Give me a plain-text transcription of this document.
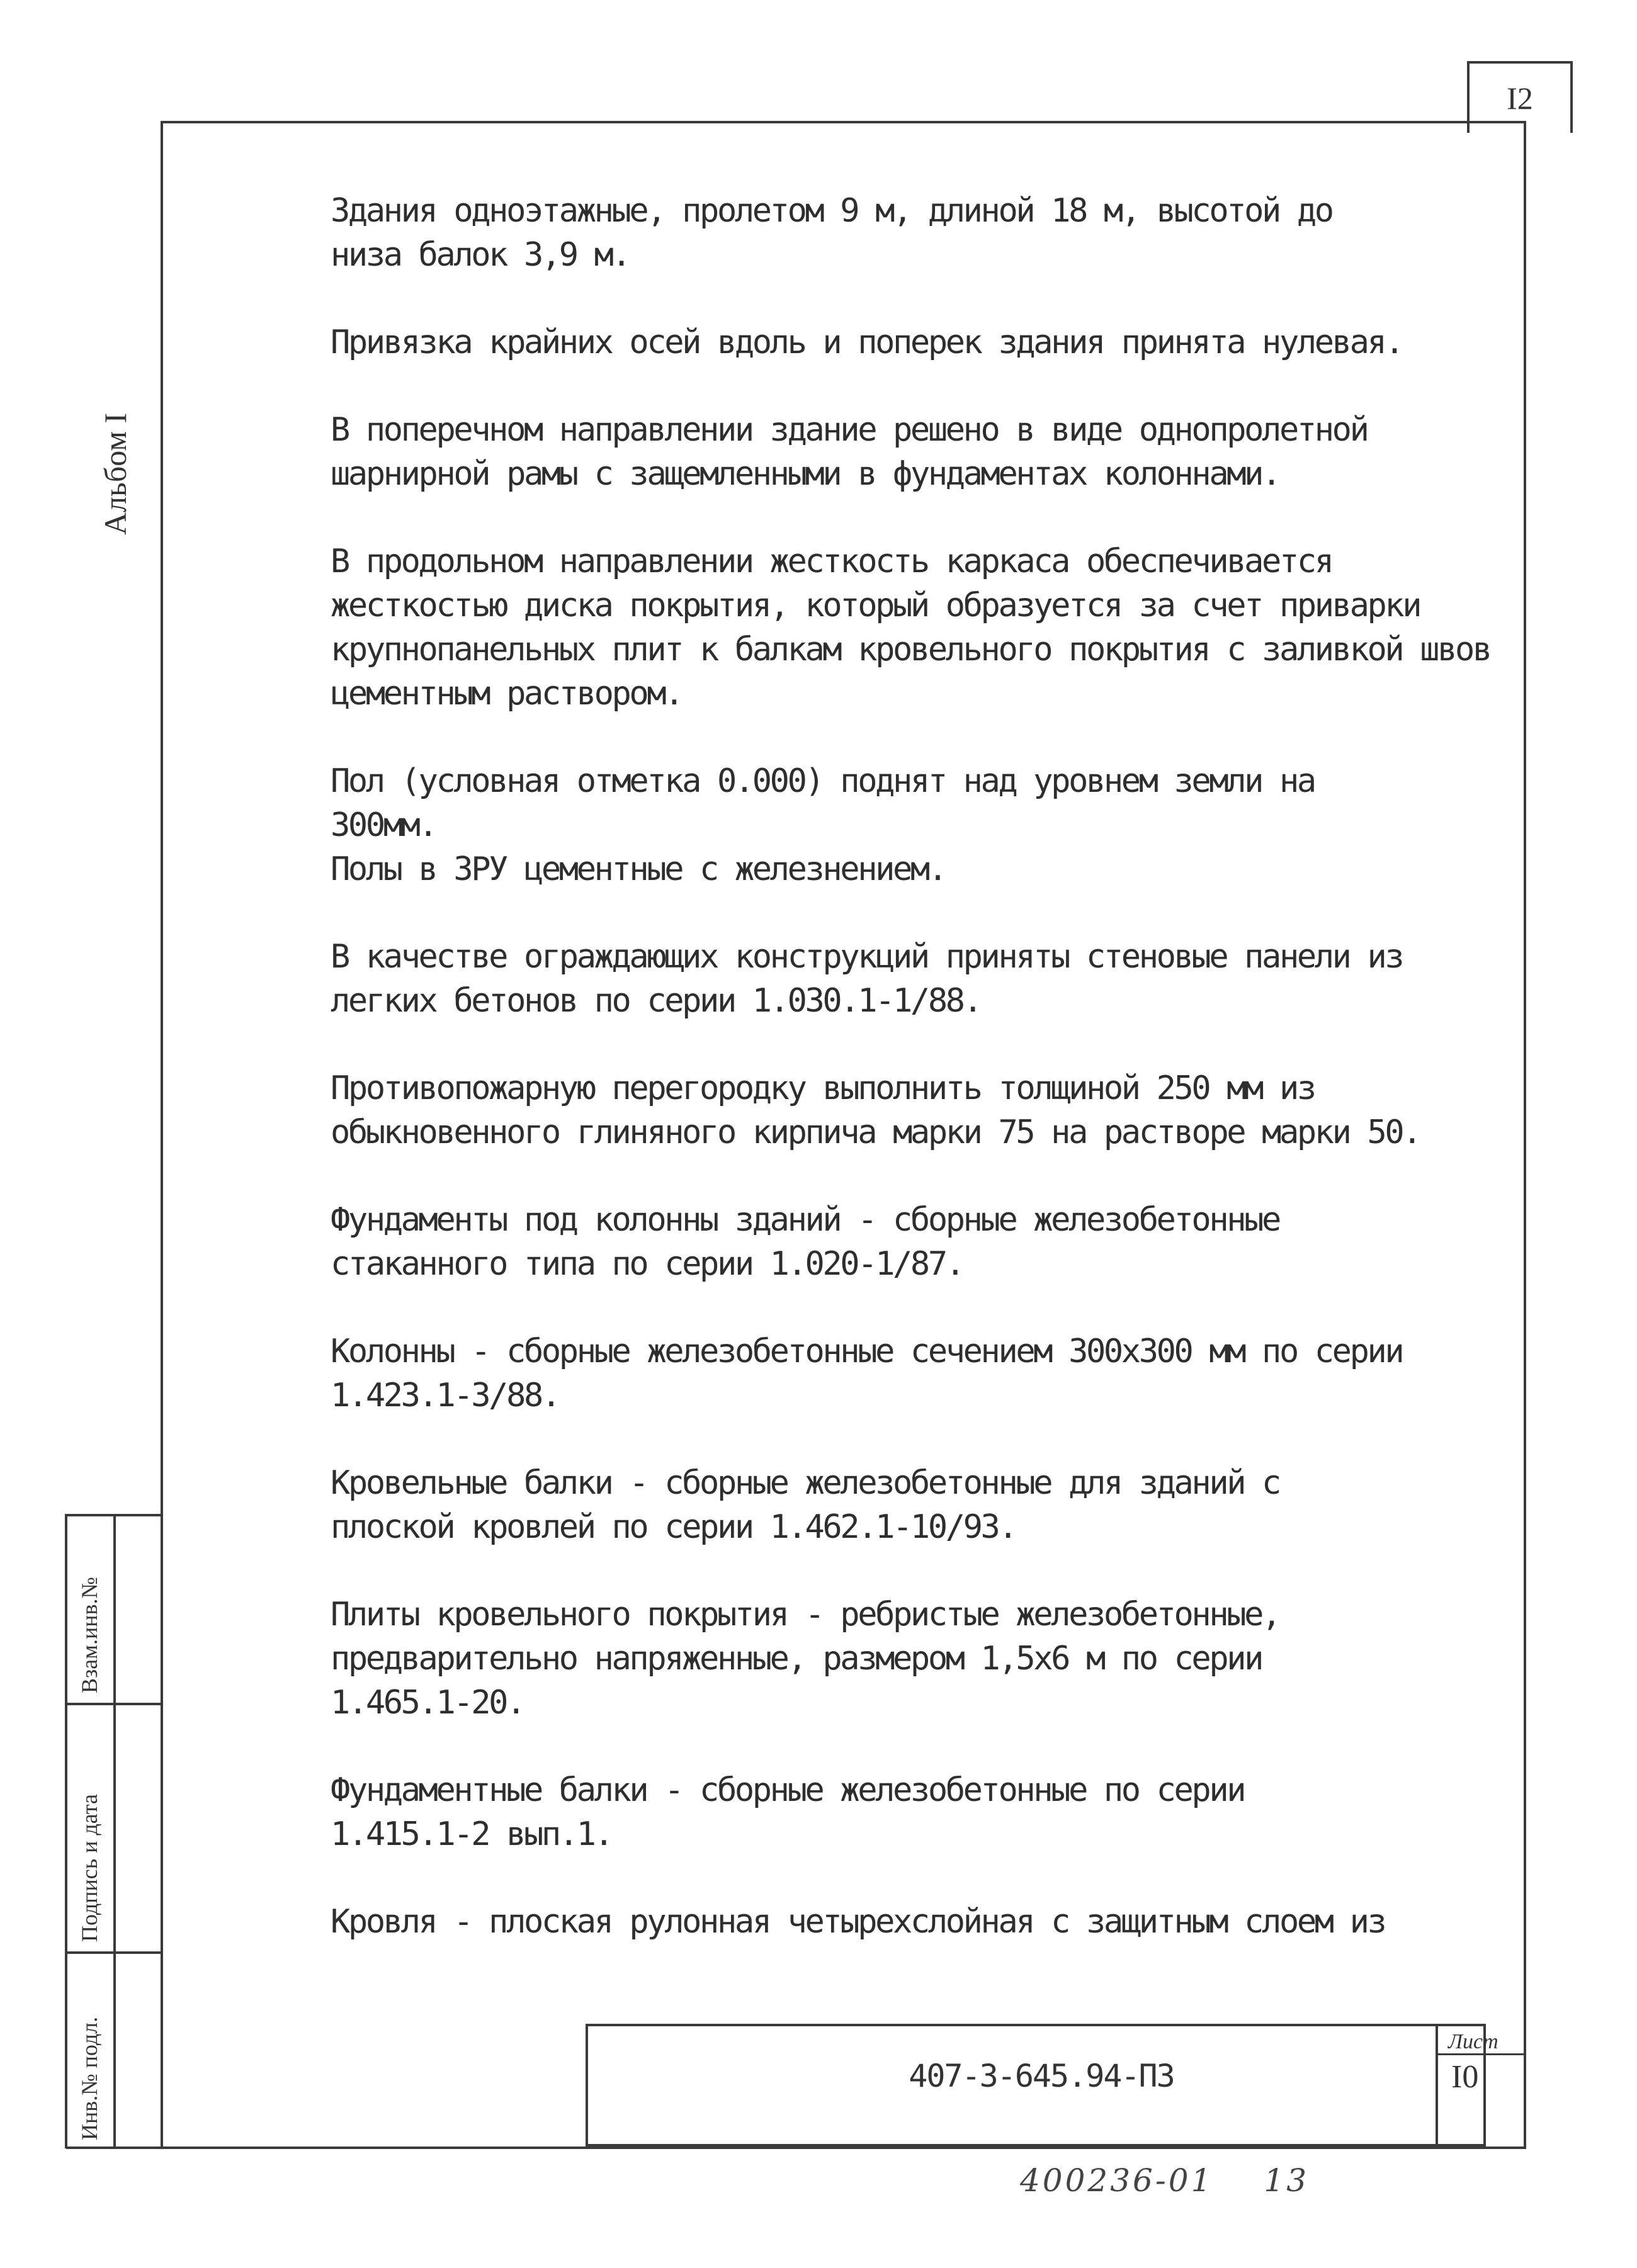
I2
Альбом I
Взам.инв.№
Подпись и дата
Инв.№ подл.
Здания одноэтажные, пролетом 9 м, длиной 18 м, высотой до
низа балок 3,9 м.
Привязка крайних осей вдоль и поперек здания принята нулевая.
В поперечном направлении здание решено в виде однопролетной
шарнирной рамы с защемленными в фундаментах колоннами.
В продольном направлении жесткость каркаса обеспечивается
жесткостью диска покрытия, который образуется за счет приварки
крупнопанельных плит к балкам кровельного покрытия с заливкой швов
цементным раствором.
Пол (условная отметка 0.000) поднят над уровнем земли на
300мм.
Полы в ЗРУ цементные с железнением.
В качестве ограждающих конструкций приняты стеновые панели из
легких бетонов по серии 1.030.1-1/88.
Противопожарную перегородку выполнить толщиной 250 мм из
обыкновенного глиняного кирпича марки 75 на растворе марки 50.
Фундаменты под колонны зданий - сборные железобетонные
стаканного типа по серии 1.020-1/87.
Колонны - сборные железобетонные сечением 300х300 мм по серии
1.423.1-3/88.
Кровельные балки - сборные железобетонные для зданий с
плоской кровлей по серии 1.462.1-10/93.
Плиты кровельного покрытия - ребристые железобетонные,
предварительно напряженные, размером 1,5х6 м по серии
1.465.1-20.
Фундаментные балки - сборные железобетонные по серии
1.415.1-2 вып.1.
Кровля - плоская рулонная четырехслойная с защитным слоем из
407-3-645.94-ПЗ
Лист
I0
400236-01 13
